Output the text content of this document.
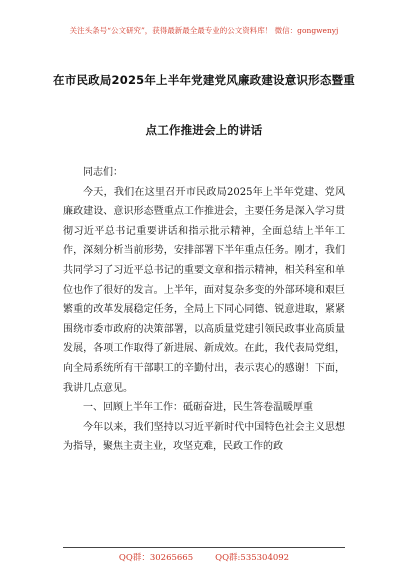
关注头条号“公文研究”，获得最新最全最专业的公文资料库！ 微信：gongwenyj
在市民政局2025年上半年党建党风廉政建设意识形态暨重
点工作推进会上的讲话

同志们：

今天，我们在这里召开市民政局2025年上半年党建、党风廉政建设、意识形态暨重点工作推进会，主要任务是深入学习贯彻习近平总书记重要讲话和指示批示精神，全面总结上半年工作，深刻分析当前形势，安排部署下半年重点任务。刚才，我们共同学习了习近平总书记的重要文章和指示精神，相关科室和单位也作了很好的发言。上半年，面对复杂多变的外部环境和艰巨繁重的改革发展稳定任务，全局上下同心同德、锐意进取，紧紧围绕市委市政府的决策部署，以高质量党建引领民政事业高质量发展，各项工作取得了新进展、新成效。在此，我代表局党组，向全局系统所有干部职工的辛勤付出，表示衷心的感谢！下面，我讲几点意见。

一、回顾上半年工作：砥砺奋进，民生答卷温暖厚重

今年以来，我们坚持以习近平新时代中国特色社会主义思想为指导，聚焦主责主业，攻坚克难，民政工作的政

QQ群：30265665	QQ群:535304092
